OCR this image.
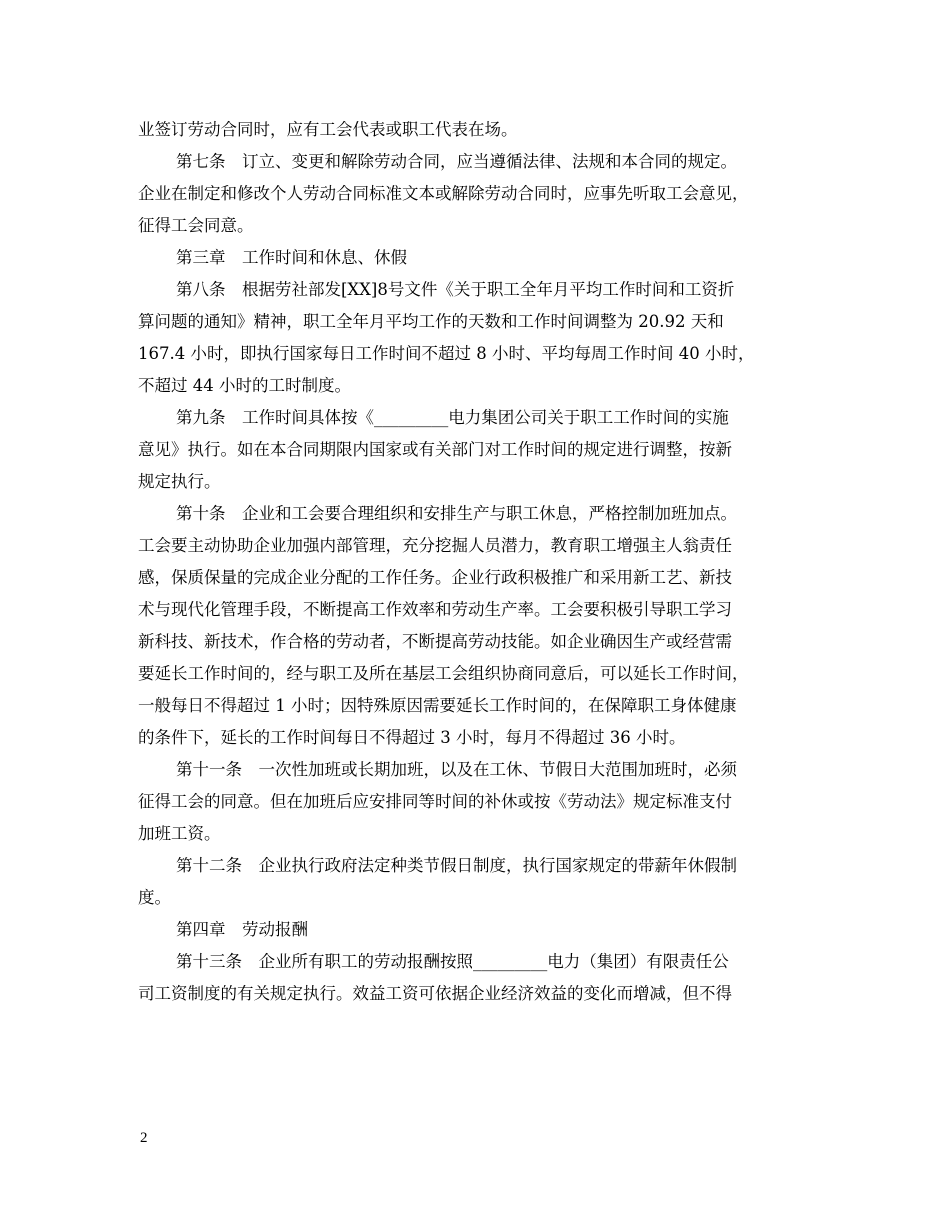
业签订劳动合同时，应有工会代表或职工代表在场。
第七条　订立、变更和解除劳动合同，应当遵循法律、法规和本合同的规定。
企业在制定和修改个人劳动合同标准文本或解除劳动合同时，应事先听取工会意见，
征得工会同意。
第三章　工作时间和休息、休假
第八条　根据劳社部发[XX]8号文件《关于职工全年月平均工作时间和工资折
算问题的通知》精神，职工全年月平均工作的天数和工作时间调整为 20.92 天和
167.4 小时，即执行国家每日工作时间不超过 8 小时、平均每周工作时间 40 小时，
不超过 44 小时的工时制度。
第九条　工作时间具体按《_________电力集团公司关于职工工作时间的实施
意见》执行。如在本合同期限内国家或有关部门对工作时间的规定进行调整，按新
规定执行。
第十条　企业和工会要合理组织和安排生产与职工休息，严格控制加班加点。
工会要主动协助企业加强内部管理，充分挖掘人员潜力，教育职工增强主人翁责任
感，保质保量的完成企业分配的工作任务。企业行政积极推广和采用新工艺、新技
术与现代化管理手段，不断提高工作效率和劳动生产率。工会要积极引导职工学习
新科技、新技术，作合格的劳动者，不断提高劳动技能。如企业确因生产或经营需
要延长工作时间的，经与职工及所在基层工会组织协商同意后，可以延长工作时间，
一般每日不得超过 1 小时；因特殊原因需要延长工作时间的，在保障职工身体健康
的条件下，延长的工作时间每日不得超过 3 小时，每月不得超过 36 小时。
第十一条　一次性加班或长期加班，以及在工休、节假日大范围加班时，必须
征得工会的同意。但在加班后应安排同等时间的补休或按《劳动法》规定标准支付
加班工资。
第十二条　企业执行政府法定种类节假日制度，执行国家规定的带薪年休假制
度。
第四章　劳动报酬
第十三条　企业所有职工的劳动报酬按照_________电力（集团）有限责任公
司工资制度的有关规定执行。效益工资可依据企业经济效益的变化而增减，但不得
2
